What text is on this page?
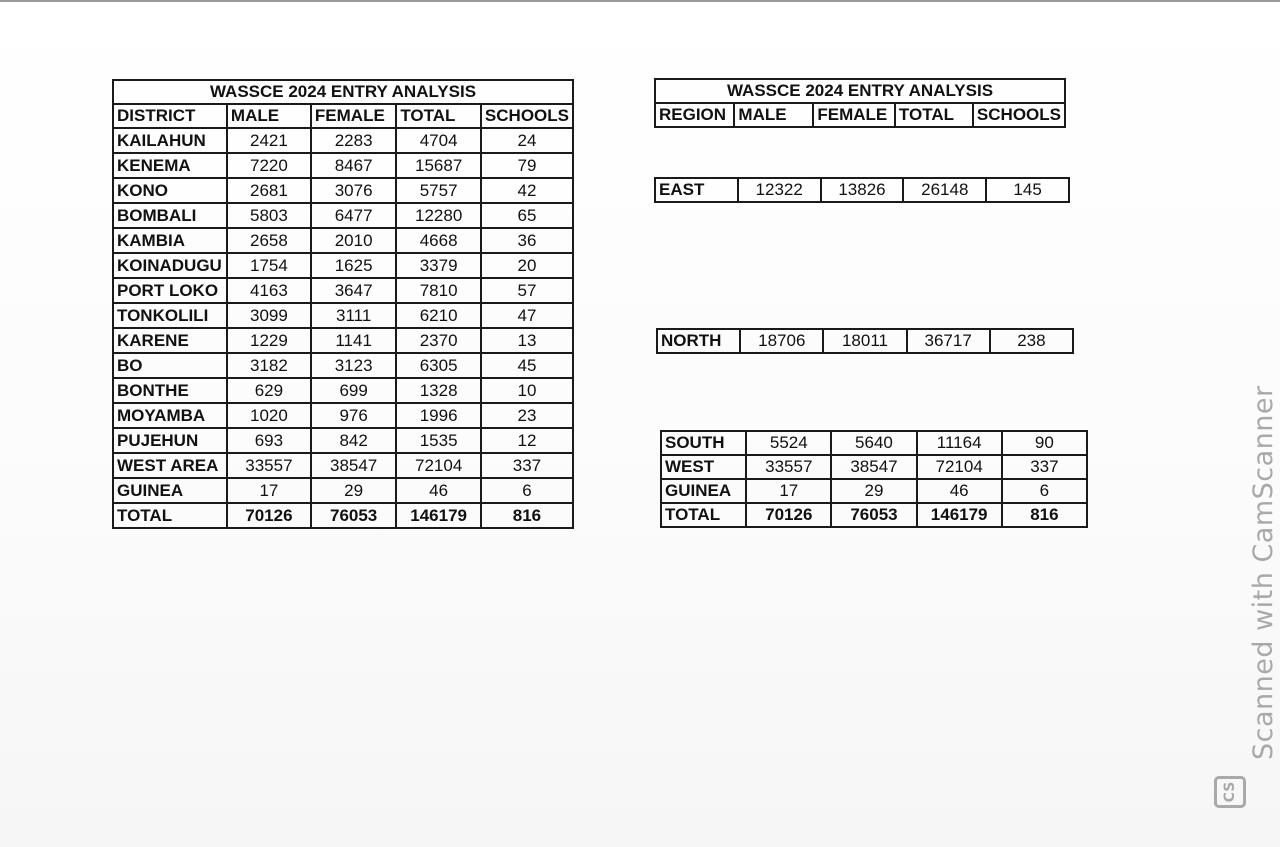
WASSCE 2024 ENTRY ANALYSIS				
DISTRICT	MALE	FEMALE	TOTAL	SCHOOLS
KAILAHUN	2421	2283	4704	24
KENEMA	7220	8467	15687	79
KONO	2681	3076	5757	42
BOMBALI	5803	6477	12280	65
KAMBIA	2658	2010	4668	36
KOINADUGU	1754	1625	3379	20
PORT LOKO	4163	3647	7810	57
TONKOLILI	3099	3111	6210	47
KARENE	1229	1141	2370	13
BO	3182	3123	6305	45
BONTHE	629	699	1328	10
MOYAMBA	1020	976	1996	23
PUJEHUN	693	842	1535	12
WEST AREA	33557	38547	72104	337
GUINEA	17	29	46	6
TOTAL	70126	76053	146179	816
WASSCE 2024 ENTRY ANALYSIS
REGION	MALE	FEMALE	TOTAL	SCHOOLS
EAST	12322	13826	26148	145
NORTH	18706	18011	36717	238
SOUTH	5524	5640	11164	90
WEST	33557	38547	72104	337
GUINEA	17	29	46	6
TOTAL	70126	76053	146179	816	Scanned with CamScanner
CS
